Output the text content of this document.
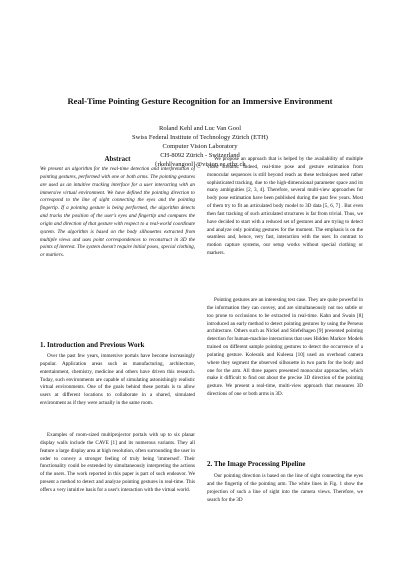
Real-Time Pointing Gesture Recognition for an Immersive Environment
Roland Kehl and Luc Van Gool
Swiss Federal Institute of Technology Zürich (ETH)
Computer Vision Laboratory
CH-8092 Zürich - Switzerland
{rkehl|vangool}@vision.ee.ethz.ch
Abstract

We present an algorithm for the real-time detection and interpretation of pointing gestures, performed with one or both arms. The pointing gestures are used as an intuitive tracking interface for a user interacting with an immersive virtual environment. We have defined the pointing direction to correspond to the line of sight connecting the eyes and the pointing fingertip. If a pointing gesture is being performed, the algorithm detects and tracks the position of the user's eyes and fingertip and computes the origin and direction of that gesture with respect to a real-world coordinate system. The algorithm is based on the body silhouettes extracted from multiple views and uses point correspondences to reconstruct in 3D the points of interest. The system doesn't require initial poses, special clothing, or markers.

1. Introduction and Previous Work

Over the past few years, immersive portals have become increasingly popular. Application areas such as manufacturing, architecture, entertainment, chemistry, medicine and others have driven this research. Today, such environments are capable of simulating astonishingly realistic virtual environments. One of the goals behind these portals is to allow users at different locations to collaborate in a shared, simulated environment as if they were actually in the same room.

Examples of room-sized multiprojector portals with up to six planar display walls include the CAVE [1] and its numerous variants. They all feature a large display area at high resolution, often surrounding the user in order to convey a stronger feeling of truly being 'immersed'. Their functionality could be extended by simultaneously interpreting the actions of the users. The work reported in this paper is part of such endeavor. We present a method to detect and analyze pointing gestures in real-time. This offers a very intuitive basis for a user's interaction with the virtual world.

We propose an approach that is helped by the availability of multiple video streams. Indeed, real-time pose and gesture estimation from monocular sequences is still beyond reach as these techniques need rather sophisticated tracking, due to the high-dimensional parameter space and its many ambiguities [2, 3, 4]. Therefore, several multi-view approaches for body pose estimation have been published during the past few years. Most of them try to fit an articulated body model to 3D data [5, 6, 7] . But even then fast tracking of such articulated structures is far from trivial. Thus, we have decided to start with a reduced set of gestures and are trying to detect and analyze only pointing gestures for the moment. The emphasis is on the seamless and, hence, very fast, interaction with the user. In contrast to motion capture systems, our setup works without special clothing or markers.

Pointing gestures are an interesting test case. They are quite powerful in the information they can convey, and are simultaneously not too subtle or too prone to occlusions to be extracted in real-time. Kahn and Swain [8] introduced an early method to detect pointing gestures by using the Perseus architecture. Others such as Nickel and Stiefelhagen [9] presented pointing detection for human-machine interactions that uses Hidden Markov Models trained on different sample pointing gestures to detect the occurrence of a pointing gesture. Kolesnik and Kuleesa [10] used an overhead camera where they segment the observed silhouette in two parts for the body and one for the arm. All three papers presented monocular approaches, which make it difficult to find out about the precise 3D direction of the pointing gesture. We present a real-time, multi-view approach that measures 3D directions of one or both arms in 3D.

2. The Image Processing Pipeline

Our pointing direction is based on the line of sight connecting the eyes and the fingertip of the pointing arm. The white lines in Fig. 1 show the projection of such a line of sight into the camera views. Therefore, we search for the 3D
